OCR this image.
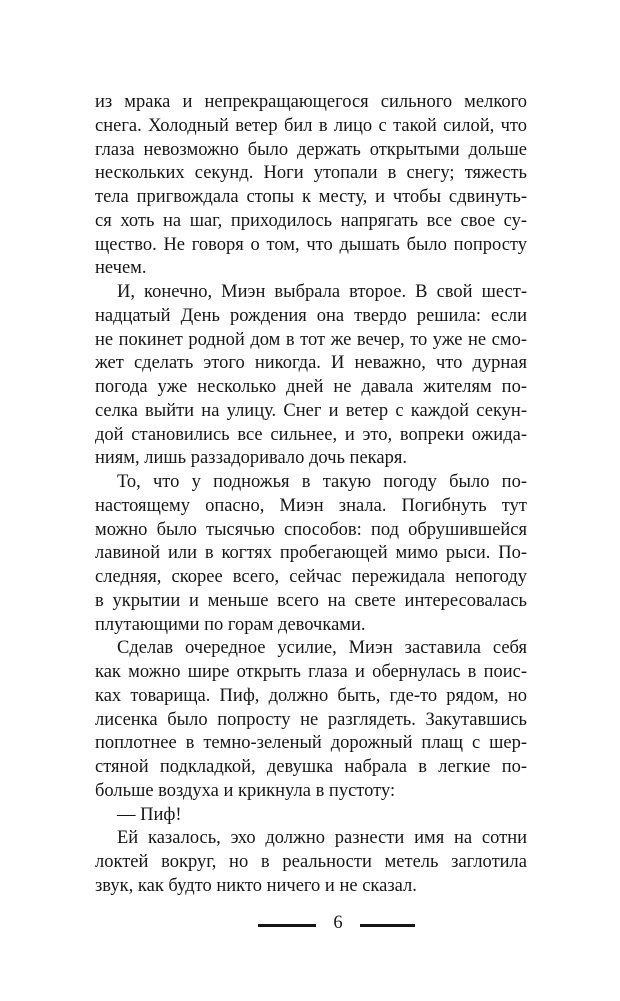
из мрака и непрекращающегося сильного мелкого
снега. Холодный ветер бил в лицо с такой силой, что
глаза невозможно было держать открытыми дольше
нескольких секунд. Ноги утопали в снегу; тяжесть
тела пригвождала стопы к месту, и чтобы сдвинуть-
ся хоть на шаг, приходилось напрягать все свое су-
щество. Не говоря о том, что дышать было попросту
нечем.
И, конечно, Миэн выбрала второе. В свой шест-
надцатый День рождения она твердо решила: если
не покинет родной дом в тот же вечер, то уже не смо-
жет сделать этого никогда. И неважно, что дурная
погода уже несколько дней не давала жителям по-
селка выйти на улицу. Снег и ветер с каждой секун-
дой становились все сильнее, и это, вопреки ожида-
ниям, лишь раззадоривало дочь пекаря.
То, что у подножья в такую погоду было по-
настоящему опасно, Миэн знала. Погибнуть тут
можно было тысячью способов: под обрушившейся
лавиной или в когтях пробегающей мимо рыси. По-
следняя, скорее всего, сейчас пережидала непогоду
в укрытии и меньше всего на свете интересовалась
плутающими по горам девочками.
Сделав очередное усилие, Миэн заставила себя
как можно шире открыть глаза и обернулась в поис-
ках товарища. Пиф, должно быть, где-то рядом, но
лисенка было попросту не разглядеть. Закутавшись
поплотнее в темно-зеленый дорожный плащ с шер-
стяной подкладкой, девушка набрала в легкие по-
больше воздуха и крикнула в пустоту:
— Пиф!
Ей казалось, эхо должно разнести имя на сотни
локтей вокруг, но в реальности метель заглотила
звук, как будто никто ничего и не сказал.
6
